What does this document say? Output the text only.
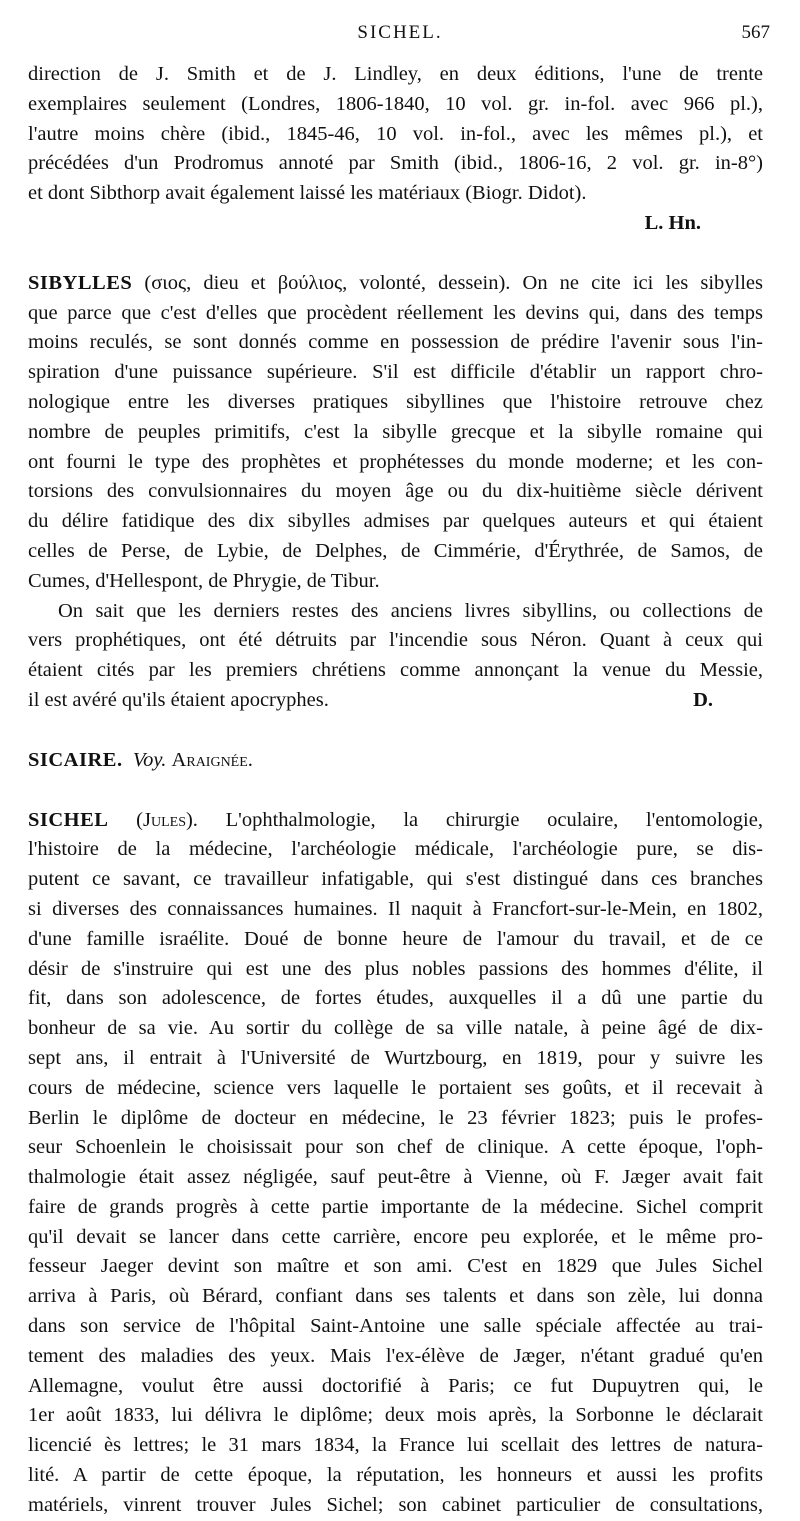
SICHEL.	567
direction de J. Smith et de J. Lindley, en deux éditions, l'une de trente
exemplaires seulement (Londres, 1806-1840, 10 vol. gr. in-fol. avec 966 pl.),
l'autre moins chère (ibid., 1845-46, 10 vol. in-fol., avec les mêmes pl.), et
précédées d'un Prodromus annoté par Smith (ibid., 1806-16, 2 vol. gr. in-8°)
et dont Sibthorp avait également laissé les matériaux (Biogr. Didot).
L. Hn.
SIBYLLES (σιος, dieu et βούλιος, volonté, dessein). On ne cite ici les sibylles
que parce que c'est d'elles que procèdent réellement les devins qui, dans des temps
moins reculés, se sont donnés comme en possession de prédire l'avenir sous l'in-
spiration d'une puissance supérieure. S'il est difficile d'établir un rapport chro-
nologique entre les diverses pratiques sibyllines que l'histoire retrouve chez
nombre de peuples primitifs, c'est la sibylle grecque et la sibylle romaine qui
ont fourni le type des prophètes et prophétesses du monde moderne; et les con-
torsions des convulsionnaires du moyen âge ou du dix-huitième siècle dérivent
du délire fatidique des dix sibylles admises par quelques auteurs et qui étaient
celles de Perse, de Lybie, de Delphes, de Cimmérie, d'Érythrée, de Samos, de
Cumes, d'Hellespont, de Phrygie, de Tibur.
On sait que les derniers restes des anciens livres sibyllins, ou collections de
vers prophétiques, ont été détruits par l'incendie sous Néron. Quant à ceux qui
étaient cités par les premiers chrétiens comme annonçant la venue du Messie,
il est avéré qu'ils étaient apocryphes.	D.
SICAIRE. Voy. Araignée.
SICHEL (Jules). L'ophthalmologie, la chirurgie oculaire, l'entomologie,
l'histoire de la médecine, l'archéologie médicale, l'archéologie pure, se dis-
putent ce savant, ce travailleur infatigable, qui s'est distingué dans ces branches
si diverses des connaissances humaines. Il naquit à Francfort-sur-le-Mein, en 1802,
d'une famille israélite. Doué de bonne heure de l'amour du travail, et de ce
désir de s'instruire qui est une des plus nobles passions des hommes d'élite, il
fit, dans son adolescence, de fortes études, auxquelles il a dû une partie du
bonheur de sa vie. Au sortir du collège de sa ville natale, à peine âgé de dix-
sept ans, il entrait à l'Université de Wurtzbourg, en 1819, pour y suivre les
cours de médecine, science vers laquelle le portaient ses goûts, et il recevait à
Berlin le diplôme de docteur en médecine, le 23 février 1823; puis le profes-
seur Schoenlein le choisissait pour son chef de clinique. A cette époque, l'oph-
thalmologie était assez négligée, sauf peut-être à Vienne, où F. Jæger avait fait
faire de grands progrès à cette partie importante de la médecine. Sichel comprit
qu'il devait se lancer dans cette carrière, encore peu explorée, et le même pro-
fesseur Jaeger devint son maître et son ami. C'est en 1829 que Jules Sichel
arriva à Paris, où Bérard, confiant dans ses talents et dans son zèle, lui donna
dans son service de l'hôpital Saint-Antoine une salle spéciale affectée au trai-
tement des maladies des yeux. Mais l'ex-élève de Jæger, n'étant gradué qu'en
Allemagne, voulut être aussi doctorifié à Paris; ce fut Dupuytren qui, le
1er août 1833, lui délivra le diplôme; deux mois après, la Sorbonne le déclarait
licencié ès lettres; le 31 mars 1834, la France lui scellait des lettres de natura-
lité. A partir de cette époque, la réputation, les honneurs et aussi les profits
matériels, vinrent trouver Jules Sichel; son cabinet particulier de consultations,
